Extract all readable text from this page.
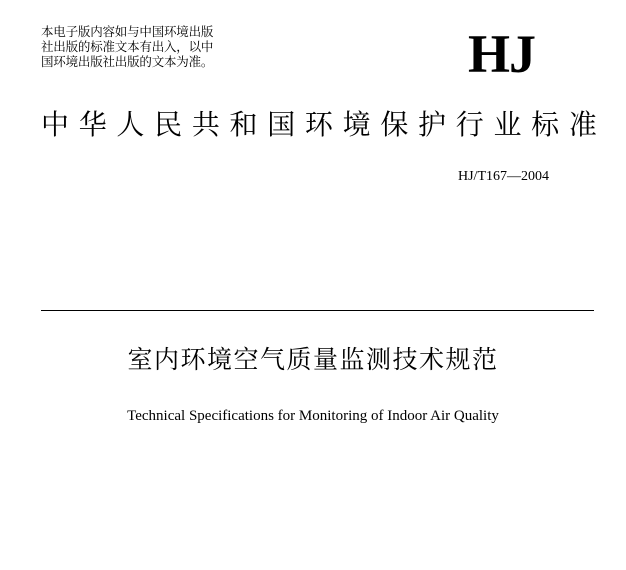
本电子版内容如与中国环境出版
社出版的标准文本有出入，以中
国环境出版社出版的文本为准。	HJ
中 华 人 民 共 和 国 环 境 保 护 行 业 标 准
HJ/T167—2004
室内环境空气质量监测技术规范
Technical Specifications for Monitoring of Indoor Air Quality
